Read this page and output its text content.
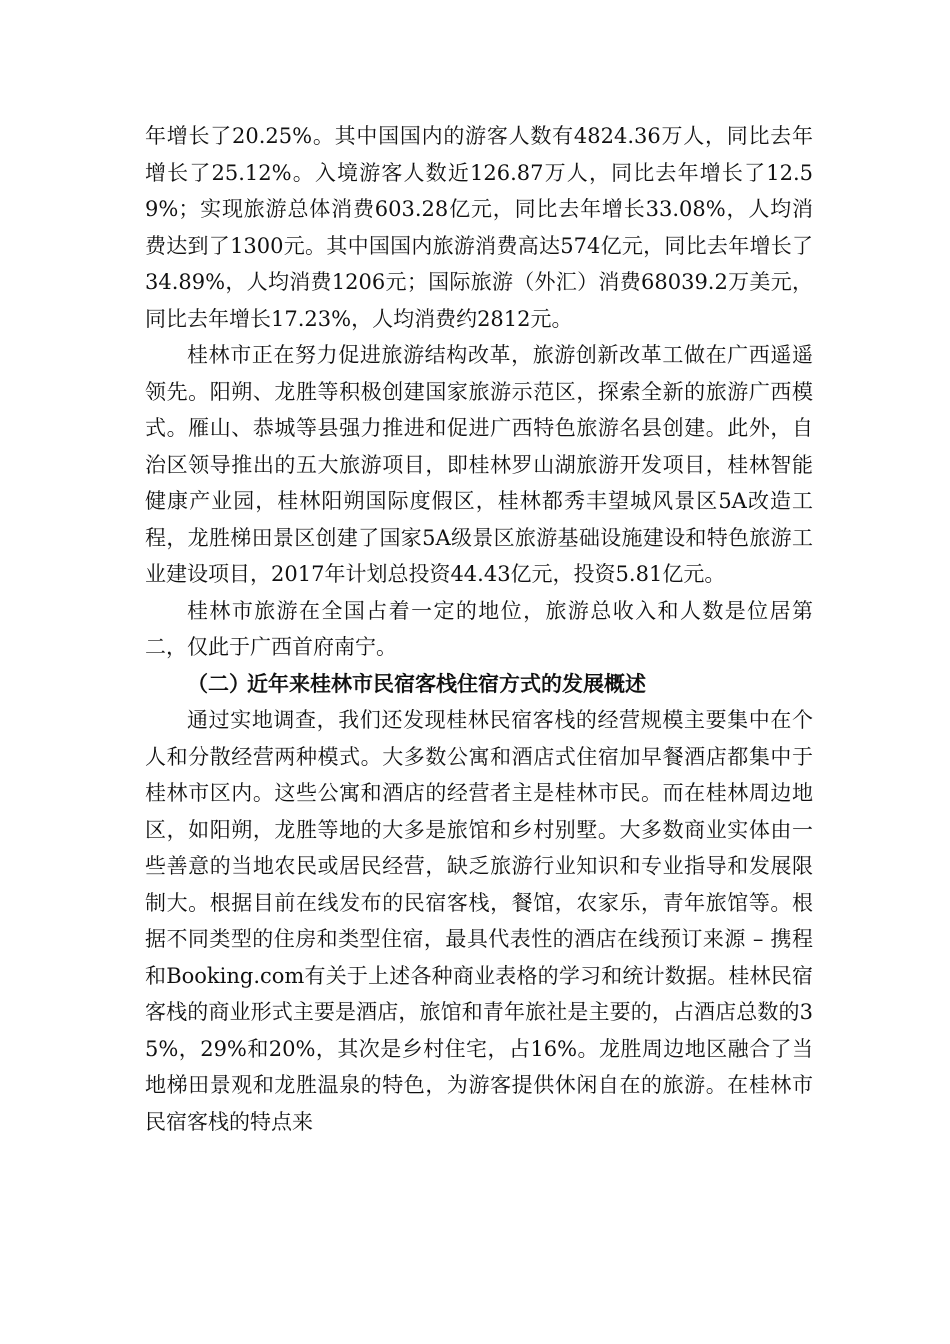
年增长了20.25%。其中国国内的游客人数有4824.36万人，同比去年增长了25.12%。入境游客人数近126.87万人，同比去年增长了12.59%；实现旅游总体消费603.28亿元，同比去年增长33.08%，人均消费达到了1300元。其中国国内旅游消费高达574亿元，同比去年增长了34.89%，人均消费1206元；国际旅游（外汇）消费68039.2万美元，同比去年增长17.23%，人均消费约2812元。

桂林市正在努力促进旅游结构改革，旅游创新改革工做在广西遥遥领先。阳朔、龙胜等积极创建国家旅游示范区，探索全新的旅游广西模式。雁山、恭城等县强力推进和促进广西特色旅游名县创建。此外，自治区领导推出的五大旅游项目，即桂林罗山湖旅游开发项目，桂林智能健康产业园，桂林阳朔国际度假区，桂林都秀丰望城风景区5A改造工程，龙胜梯田景区创建了国家5A级景区旅游基础设施建设和特色旅游工业建设项目，2017年计划总投资44.43亿元，投资5.81亿元。

桂林市旅游在全国占着一定的地位，旅游总收入和人数是位居第二，仅此于广西首府南宁。

（二）近年来桂林市民宿客栈住宿方式的发展概述

通过实地调查，我们还发现桂林民宿客栈的经营规模主要集中在个人和分散经营两种模式。大多数公寓和酒店式住宿加早餐酒店都集中于桂林市区内。这些公寓和酒店的经营者主是桂林市民。而在桂林周边地区，如阳朔，龙胜等地的大多是旅馆和乡村别墅。大多数商业实体由一些善意的当地农民或居民经营，缺乏旅游行业知识和专业指导和发展限制大。根据目前在线发布的民宿客栈，餐馆，农家乐，青年旅馆等。根据不同类型的住房和类型住宿，最具代表性的酒店在线预订来源 – 携程和Booking.com有关于上述各种商业表格的学习和统计数据。桂林民宿客栈的商业形式主要是酒店，旅馆和青年旅社是主要的，占酒店总数的35%，29%和20%，其次是乡村住宅，占16%。龙胜周边地区融合了当地梯田景观和龙胜温泉的特色，为游客提供休闲自在的旅游。在桂林市民宿客栈的特点来
